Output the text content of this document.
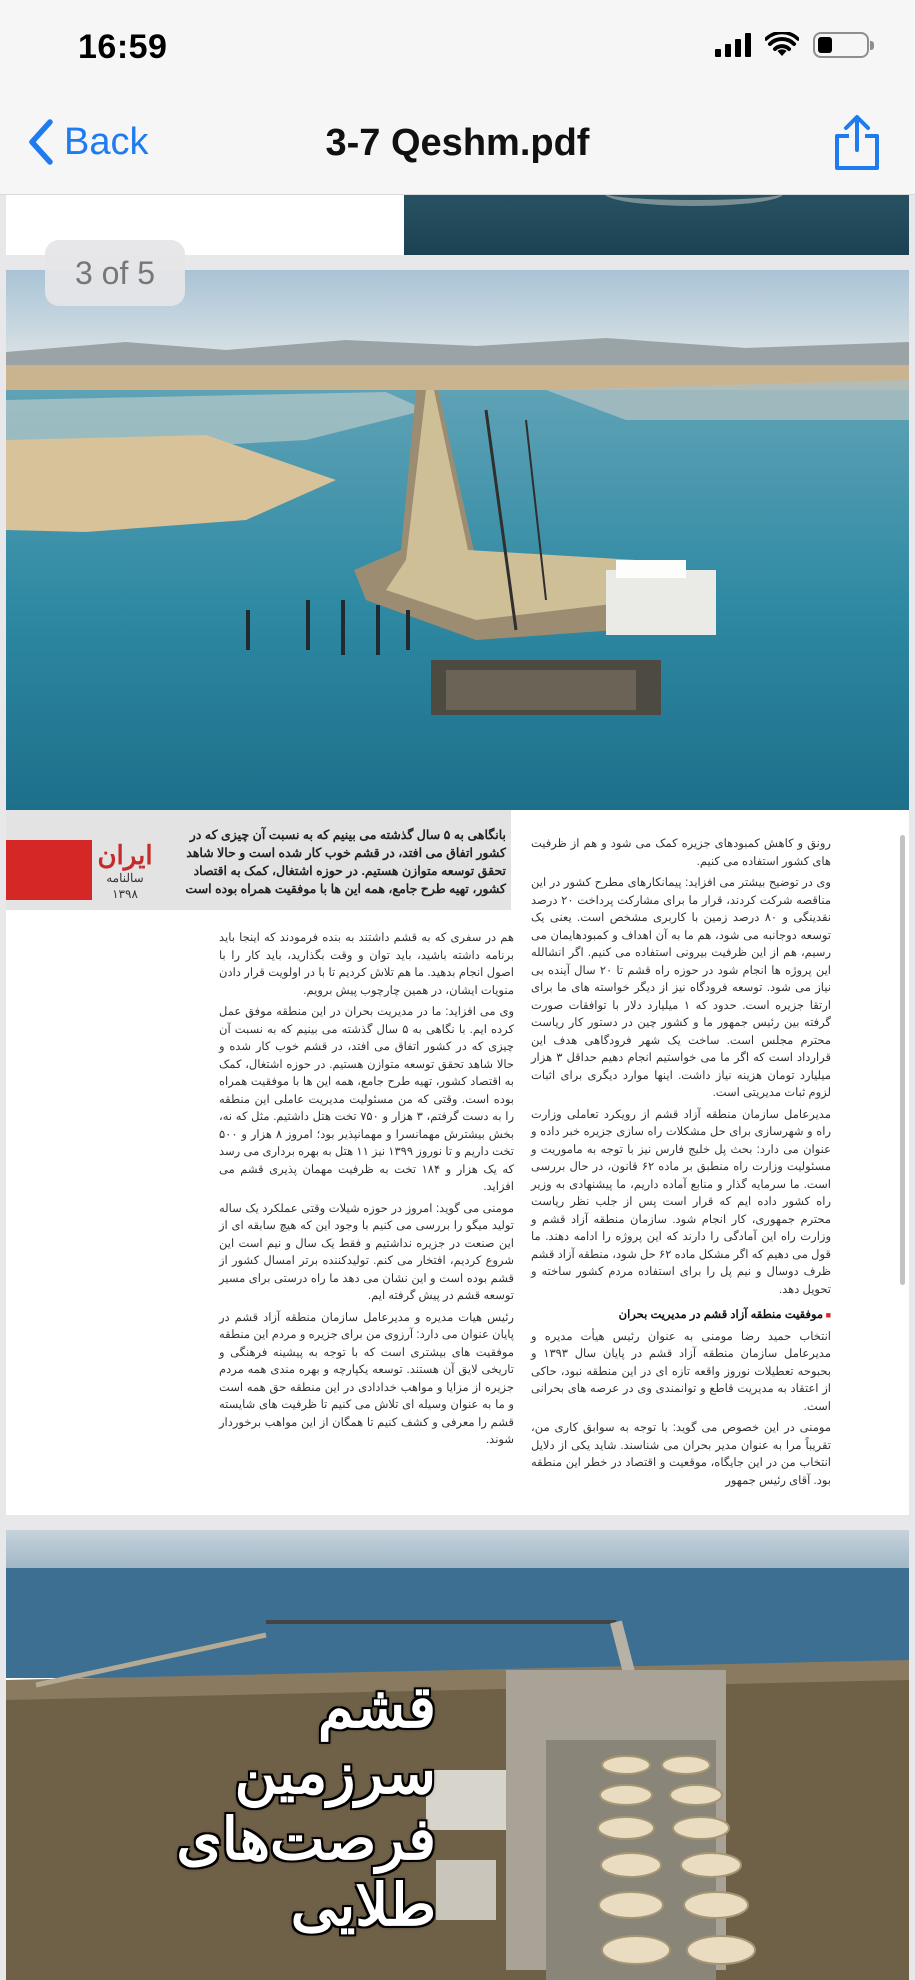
16:59
Back	3-7 Qeshm.pdf
3 of 5
ایران
سالنامه
۱۳۹۸
بانگاهی به ۵ سال گذشته می بینیم که به نسبت آن چیزی که در کشور اتفاق می افتد، در قشم خوب کار شده است و حالا شاهد تحقق توسعه متوازن هستیم. در حوزه اشتغال، کمک به اقتصاد کشور، تهیه طرح جامع، همه این ها با موفقیت همراه بوده است

رونق و کاهش کمبودهای جزیره کمک می شود و هم از ظرفیت های کشور استفاده می کنیم.

وی در توضیح بیشتر می افزاید: پیمانکارهای مطرح کشور در این مناقصه شرکت کردند، قرار ما برای مشارکت پرداخت ۲۰ درصد نقدینگی و ۸۰ درصد زمین با کاربری مشخص است. یعنی یک توسعه دوجانبه می شود، هم ما به آن اهداف و کمبودهایمان می رسیم، هم از این ظرفیت بیرونی استفاده می کنیم. اگر انشالله این پروژه ها انجام شود در حوزه راه قشم تا ۲۰ سال آینده بی نیاز می شود. توسعه فرودگاه نیز از دیگر خواسته های ما برای ارتقا جزیره است. حدود که ۱ میلیارد دلار با توافقات صورت گرفته بین رئیس جمهور ما و کشور چین در دستور کار ریاست محترم مجلس است. ساخت یک شهر فرودگاهی هدف این قرارداد است که اگر ما می خواستیم انجام دهیم حداقل ۳ هزار میلیارد تومان هزینه نیاز داشت. اینها موارد دیگری برای اثبات لزوم ثبات مدیریتی است.

مدیرعامل سازمان منطقه آزاد قشم از رویکرد تعاملی وزارت راه و شهرسازی برای حل مشکلات راه سازی جزیره خبر داده و عنوان می دارد: بحث پل خلیج فارس نیز با توجه به ماموریت و مسئولیت وزارت راه منطبق بر ماده ۶۲ قانون، در حال بررسی است. ما سرمایه گذار و منابع آماده داریم، ما پیشنهادی به وزیر راه کشور داده ایم که قرار است پس از جلب نظر ریاست محترم جمهوری، کار انجام شود. سازمان منطقه آزاد قشم و وزارت راه این آمادگی را دارند که این پروژه را ادامه دهند. ما قول می دهیم که اگر مشکل ماده ۶۲ حل شود، منطقه آزاد قشم ظرف دوسال و نیم پل را برای استفاده مردم کشور ساخته و تحویل دهد.

■ موفقیت منطقه آزاد قشم در مدیریت بحران

انتخاب حمید رضا مومنی به عنوان رئیس هیأت مدیره و مدیرعامل سازمان منطقه آزاد قشم در پایان سال ۱۳۹۳ و بحبوحه تعطیلات نوروز واقعه تازه ای در این منطقه نبود، حاکی از اعتقاد به مدیریت قاطع و توانمندی وی در عرصه های بحرانی است.

مومنی در این خصوص می گوید: با توجه به سوابق کاری من، تقریباً مرا به عنوان مدیر بحران می شناسند. شاید یکی از دلایل انتخاب من در این جایگاه، موقعیت و اقتصاد در خطر این منطقه بود. آقای رئیس جمهور

هم در سفری که به قشم داشتند به بنده فرمودند که اینجا باید برنامه داشته باشید، باید توان و وقت بگذارید، باید کار را با اصول انجام بدهید. ما هم تلاش کردیم تا با در اولویت قرار دادن منویات ایشان، در همین چارچوب پیش برویم.

وی می افزاید: ما در مدیریت بحران در این منطقه موفق عمل کرده ایم. با نگاهی به ۵ سال گذشته می بینیم که به نسبت آن چیزی که در کشور اتفاق می افتد، در قشم خوب کار شده و حالا شاهد تحقق توسعه متوازن هستیم. در حوزه اشتغال، کمک به اقتصاد کشور، تهیه طرح جامع، همه این ها با موفقیت همراه بوده است. وقتی که من مسئولیت مدیریت عاملی این منطقه را به دست گرفتم، ۳ هزار و ۷۵۰ تخت هتل داشتیم. مثل که نه، بخش بیشترش مهمانسرا و مهمانپذیر بود؛ امروز ۸ هزار و ۵۰۰ تخت داریم و تا نوروز ۱۳۹۹ نیز ۱۱ هتل به بهره برداری می رسد که یک هزار و ۱۸۴ تخت به ظرفیت مهمان پذیری قشم می افزاید.

مومنی می گوید: امروز در حوزه شیلات وقتی عملکرد یک ساله تولید میگو را بررسی می کنیم با وجود این که هیچ سابقه ای از این صنعت در جزیره نداشتیم و فقط یک سال و نیم است این شروع کردیم، افتخار می کنم. تولیدکننده برتر امسال کشور از قشم بوده است و این نشان می دهد ما راه درستی برای مسیر توسعه قشم در پیش گرفته ایم.

رئیس هیات مدیره و مدیرعامل سازمان منطقه آزاد قشم در پایان عنوان می دارد: آرزوی من برای جزیره و مردم این منطقه موفقیت های بیشتری است که با توجه به پیشینه فرهنگی و تاریخی لایق آن هستند. توسعه یکپارچه و بهره مندی همه مردم جزیره از مزایا و مواهب خدادادی در این منطقه حق همه است و ما به عنوان وسیله ای تلاش می کنیم تا ظرفیت های شایسته قشم را معرفی و کشف کنیم تا همگان از این مواهب برخوردار شوند.

قشم
سرزمین
فرصت‌های
طلایی
